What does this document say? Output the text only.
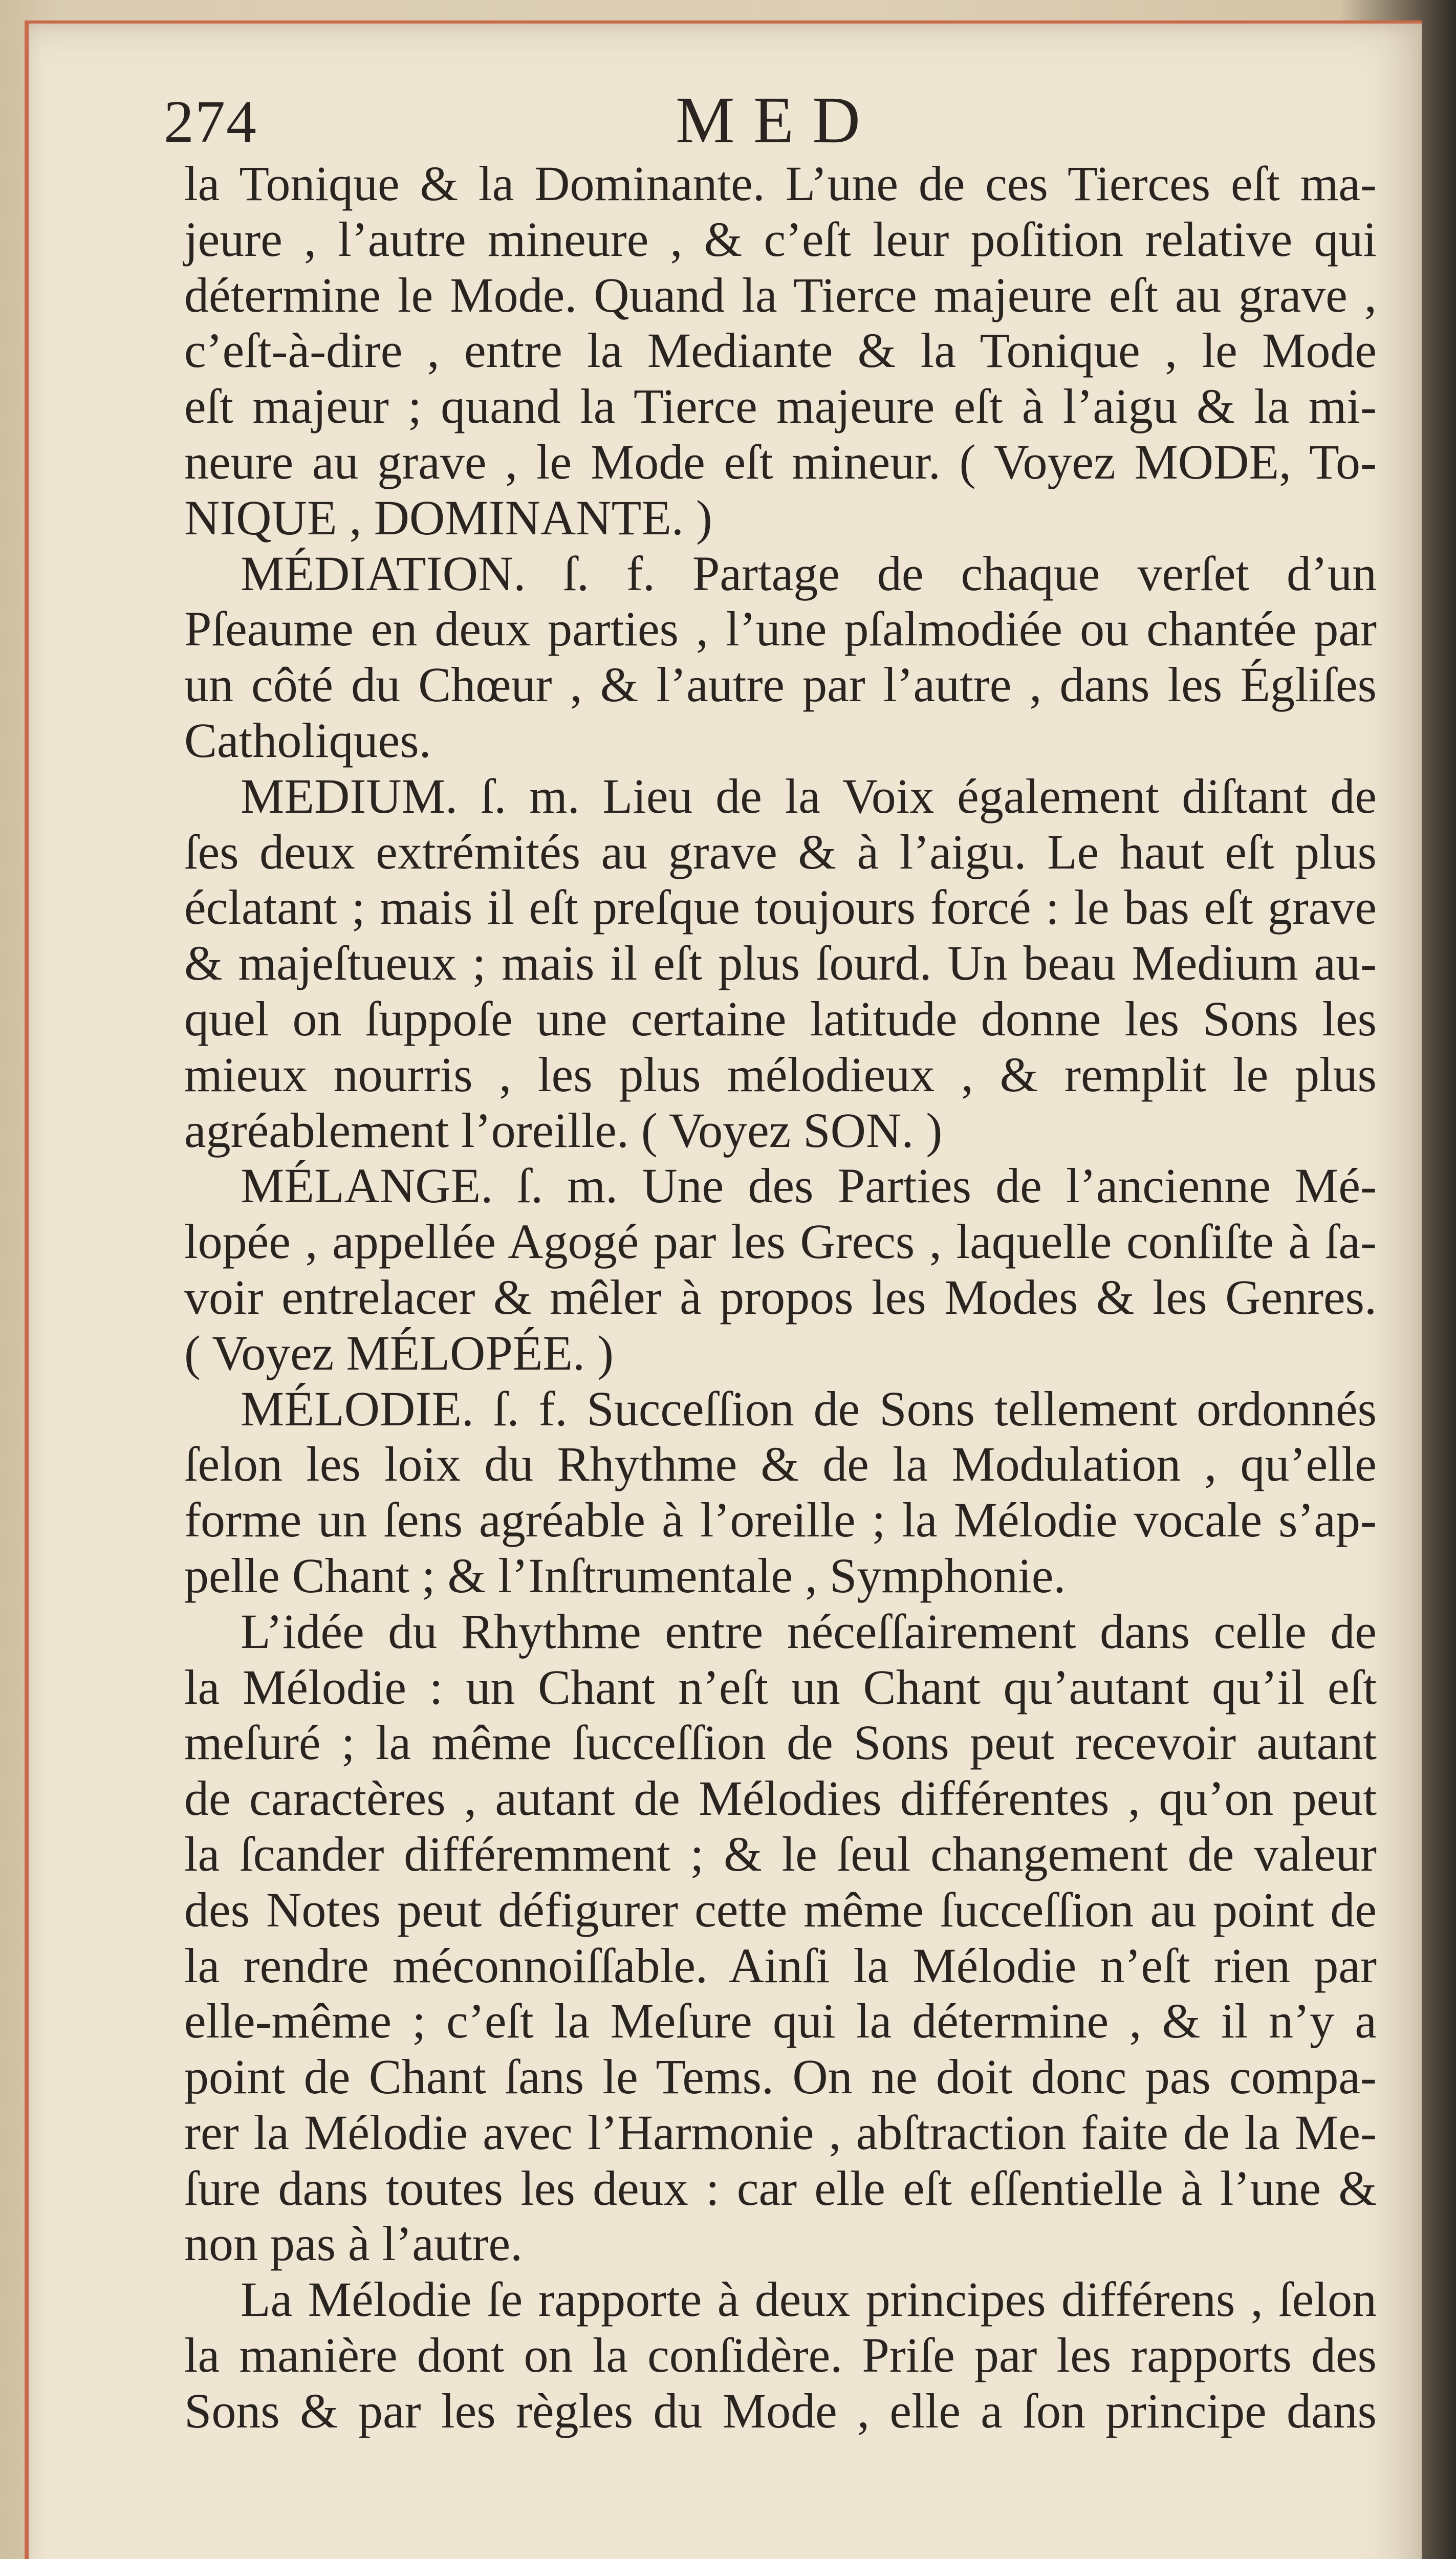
274	MED
la Tonique & la Dominante. L’une de ces Tierces eſt ma-
jeure , l’autre mineure , & c’eſt leur poſition relative qui
détermine le Mode. Quand la Tierce majeure eſt au grave ,
c’eſt-à-dire , entre la Mediante & la Tonique , le Mode
eſt majeur ; quand la Tierce majeure eſt à l’aigu & la mi-
neure au grave , le Mode eſt mineur. ( Voyez MODE, To-
NIQUE , DOMINANTE. )
MÉDIATION. ſ. f. Partage de chaque verſet d’un
Pſeaume en deux parties , l’une pſalmodiée ou chantée par
un côté du Chœur , & l’autre par l’autre , dans les Égliſes
Catholiques.
MEDIUM. ſ. m. Lieu de la Voix également diſtant de
ſes deux extrémités au grave & à l’aigu. Le haut eſt plus
éclatant ; mais il eſt preſque toujours forcé : le bas eſt grave
& majeſtueux ; mais il eſt plus ſourd. Un beau Medium au-
quel on ſuppoſe une certaine latitude donne les Sons les
mieux nourris , les plus mélodieux , & remplit le plus
agréablement l’oreille. ( Voyez SON. )
MÉLANGE. ſ. m. Une des Parties de l’ancienne Mé-
lopée , appellée Agogé par les Grecs , laquelle conſiſte à ſa-
voir entrelacer & mêler à propos les Modes & les Genres.
( Voyez MÉLOPÉE. )
MÉLODIE. ſ. f. Succeſſion de Sons tellement ordonnés
ſelon les loix du Rhythme & de la Modulation , qu’elle
forme un ſens agréable à l’oreille ; la Mélodie vocale s’ap-
pelle Chant ; & l’Inſtrumentale , Symphonie.
L’idée du Rhythme entre néceſſairement dans celle de
la Mélodie : un Chant n’eſt un Chant qu’autant qu’il eſt
meſuré ; la même ſucceſſion de Sons peut recevoir autant
de caractères , autant de Mélodies différentes , qu’on peut
la ſcander différemment ; & le ſeul changement de valeur
des Notes peut défigurer cette même ſucceſſion au point de
la rendre méconnoiſſable. Ainſi la Mélodie n’eſt rien par
elle-même ; c’eſt la Meſure qui la détermine , & il n’y a
point de Chant ſans le Tems. On ne doit donc pas compa-
rer la Mélodie avec l’Harmonie , abſtraction faite de la Me-
ſure dans toutes les deux : car elle eſt eſſentielle à l’une &
non pas à l’autre.
La Mélodie ſe rapporte à deux principes différens , ſelon
la manière dont on la conſidère. Priſe par les rapports des
Sons & par les règles du Mode , elle a ſon principe dans
